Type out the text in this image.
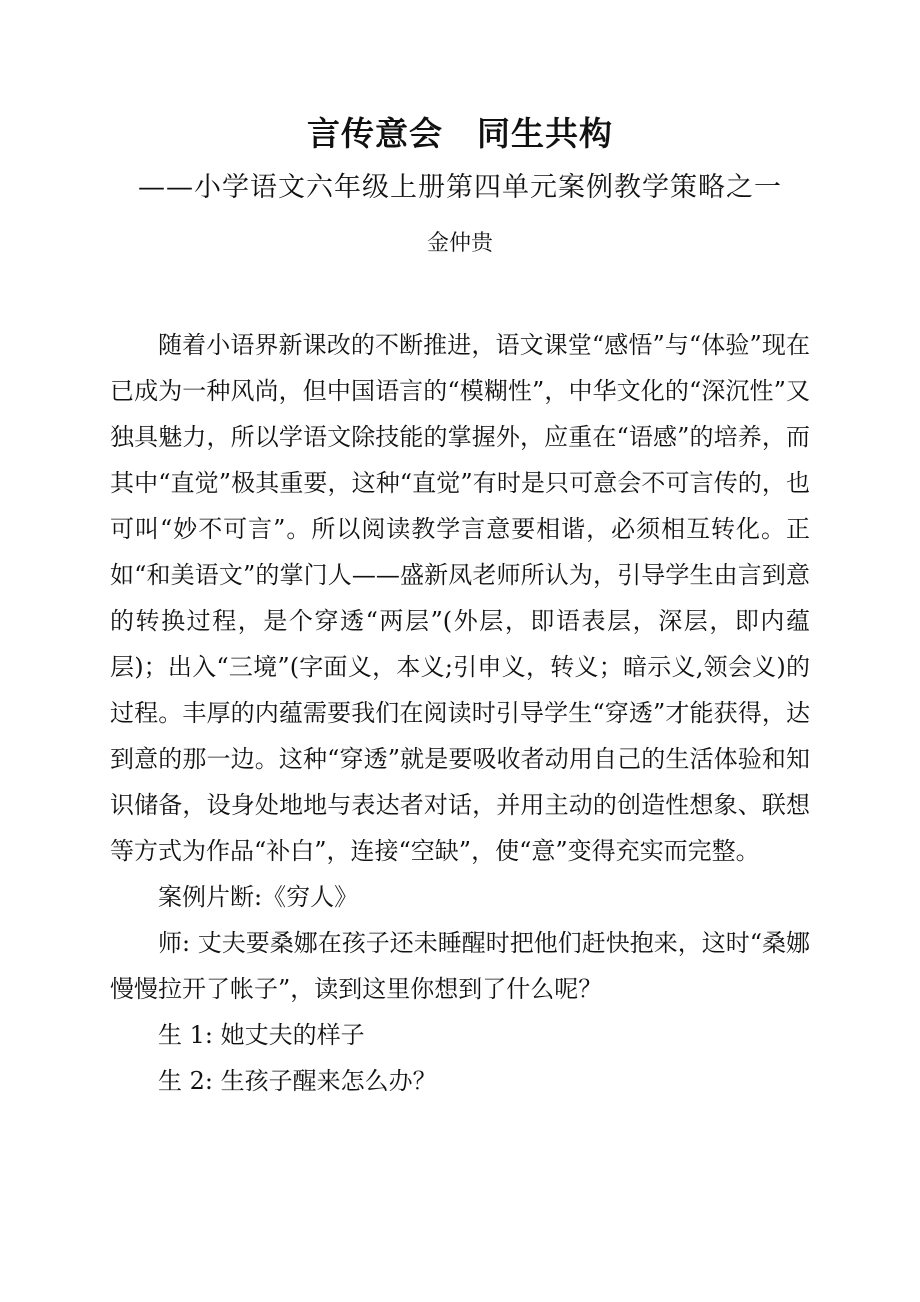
言传意会　同生共构
——小学语文六年级上册第四单元案例教学策略之一
金仲贵

随着小语界新课改的不断推进，语文课堂“感悟”与“体验”现在已成为一种风尚，但中国语言的“模糊性”，中华文化的“深沉性”又独具魅力，所以学语文除技能的掌握外，应重在“语感”的培养，而其中“直觉”极其重要，这种“直觉”有时是只可意会不可言传的，也可叫“妙不可言”。所以阅读教学言意要相谐，必须相互转化。正如“和美语文”的掌门人——盛新凤老师所认为，引导学生由言到意的转换过程，是个穿透“两层”(外层，即语表层，深层，即内蕴层)；出入“三境”(字面义，本义;引申义，转义；暗示义,领会义)的过程。丰厚的内蕴需要我们在阅读时引导学生“穿透”才能获得，达到意的那一边。这种“穿透”就是要吸收者动用自己的生活体验和知识储备，设身处地地与表达者对话，并用主动的创造性想象、联想等方式为作品“补白”，连接“空缺”，使“意”变得充实而完整。

案例片断:《穷人》

师: 丈夫要桑娜在孩子还未睡醒时把他们赶快抱来，这时“桑娜慢慢拉开了帐子”，读到这里你想到了什么呢？

生 1: 她丈夫的样子

生 2: 生孩子醒来怎么办？
